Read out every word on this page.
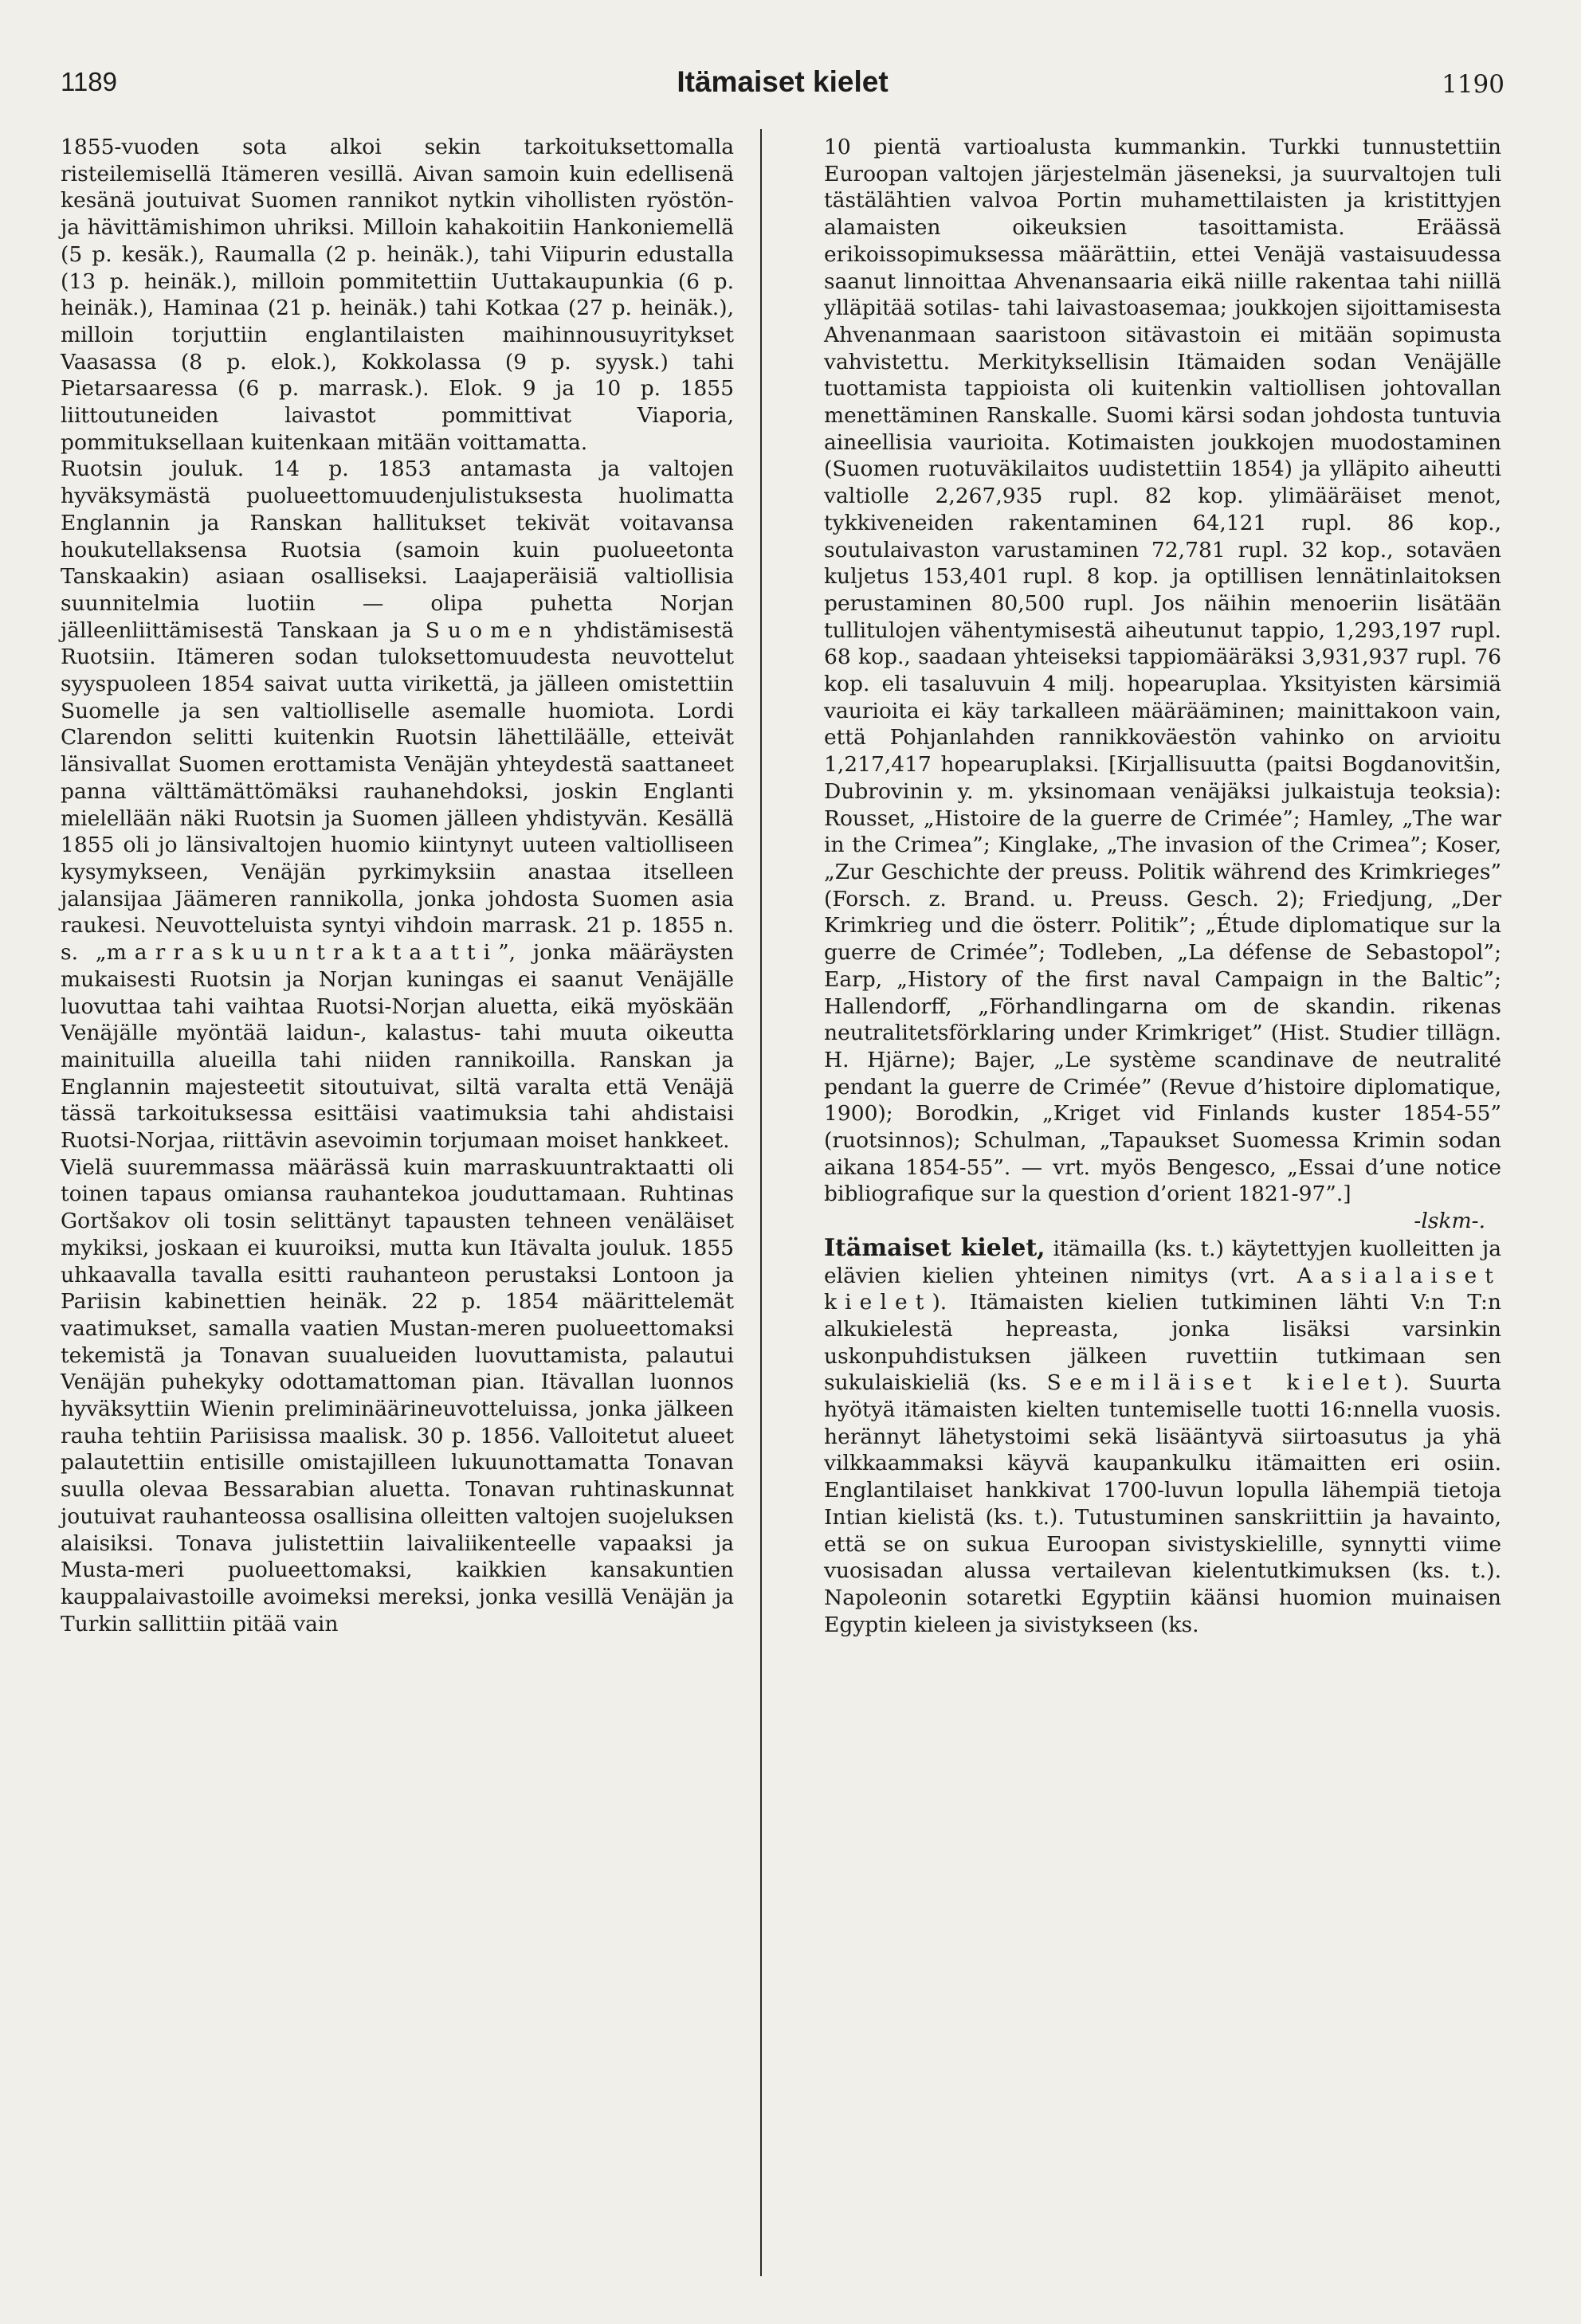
1189	Itämaiset kielet	1190

1855-vuoden sota alkoi sekin tarkoituksettomalla risteilemisellä Itämeren vesillä. Aivan samoin kuin edellisenä kesänä joutuivat Suomen rannikot nytkin vihollisten ryöstön- ja hävittämishimon uhriksi. Milloin kahakoitiin Hankoniemellä (5 p. kesäk.), Raumalla (2 p. heinäk.), tahi Viipurin edustalla (13 p. heinäk.), milloin pommitettiin Uuttakaupunkia (6 p. heinäk.), Haminaa (21 p. heinäk.) tahi Kotkaa (27 p. heinäk.), milloin torjuttiin englantilaisten maihinnousuyritykset Vaasassa (8 p. elok.), Kokkolassa (9 p. syysk.) tahi Pietarsaaressa (6 p. marrask.). Elok. 9 ja 10 p. 1855 liittoutuneiden laivastot pommittivat Viaporia, pommituksellaan kuitenkaan mitään voittamatta.

Ruotsin jouluk. 14 p. 1853 antamasta ja valtojen hyväksymästä puolueettomuudenjulistuksesta huolimatta Englannin ja Ranskan hallitukset tekivät voitavansa houkutellaksensa Ruotsia (samoin kuin puolueetonta Tanskaakin) asiaan osalliseksi. Laajaperäisiä valtiollisia suunnitelmia luotiin — olipa puhetta Norjan jälleenliittämisestä Tanskaan ja Suomen yhdistämisestä Ruotsiin. Itämeren sodan tuloksettomuudesta neuvottelut syyspuoleen 1854 saivat uutta virikettä, ja jälleen omistettiin Suomelle ja sen valtiolliselle asemalle huomiota. Lordi Clarendon selitti kuitenkin Ruotsin lähettiläälle, etteivät länsivallat Suomen erottamista Venäjän yhteydestä saattaneet panna välttämättömäksi rauhanehdoksi, joskin Englanti mielellään näki Ruotsin ja Suomen jälleen yhdistyvän. Kesällä 1855 oli jo länsivaltojen huomio kiintynyt uuteen valtiolliseen kysymykseen, Venäjän pyrkimyksiin anastaa itselleen jalansijaa Jäämeren rannikolla, jonka johdosta Suomen asia raukesi. Neuvotteluista syntyi vihdoin marrask. 21 p. 1855 n. s. „marraskuuntraktaatti”, jonka määräysten mukaisesti Ruotsin ja Norjan kuningas ei saanut Venäjälle luovuttaa tahi vaihtaa Ruotsi-Norjan aluetta, eikä myöskään Venäjälle myöntää laidun-, kalastus- tahi muuta oikeutta mainituilla alueilla tahi niiden rannikoilla. Ranskan ja Englannin majesteetit sitoutuivat, siltä varalta että Venäjä tässä tarkoituksessa esittäisi vaatimuksia tahi ahdistaisi Ruotsi-Norjaa, riittävin asevoimin torjumaan moiset hankkeet.

Vielä suuremmassa määrässä kuin marraskuuntraktaatti oli toinen tapaus omiansa rauhantekoa jouduttamaan. Ruhtinas Gortšakov oli tosin selittänyt tapausten tehneen venäläiset mykiksi, joskaan ei kuuroiksi, mutta kun Itävalta jouluk. 1855 uhkaavalla tavalla esitti rauhanteon perustaksi Lontoon ja Pariisin kabinettien heinäk. 22 p. 1854 määrittelemät vaatimukset, samalla vaatien Mustan-meren puolueettomaksi tekemistä ja Tonavan suualueiden luovuttamista, palautui Venäjän puhekyky odottamattoman pian. Itävallan luonnos hyväksyttiin Wienin preliminäärineuvotteluissa, jonka jälkeen rauha tehtiin Pariisissa maalisk. 30 p. 1856. Valloitetut alueet palautettiin entisille omistajilleen lukuunottamatta Tonavan suulla olevaa Bessarabian aluetta. Tonavan ruhtinaskunnat joutuivat rauhanteossa osallisina olleitten valtojen suojeluksen alaisiksi. Tonava julistettiin laivaliikenteelle vapaaksi ja Musta-meri puolueettomaksi, kaikkien kansakuntien kauppalaivastoille avoimeksi mereksi, jonka vesillä Venäjän ja Turkin sallittiin pitää vain

10 pientä vartioalusta kummankin. Turkki tunnustettiin Euroopan valtojen järjestelmän jäseneksi, ja suurvaltojen tuli tästälähtien valvoa Portin muhamettilaisten ja kristittyjen alamaisten oikeuksien tasoittamista. Eräässä erikoissopimuksessa määrättiin, ettei Venäjä vastaisuudessa saanut linnoittaa Ahvenansaaria eikä niille rakentaa tahi niillä ylläpitää sotilas- tahi laivastoasemaa; joukkojen sijoittamisesta Ahvenanmaan saaristoon sitävastoin ei mitään sopimusta vahvistettu. Merkityksellisin Itämaiden sodan Venäjälle tuottamista tappioista oli kuitenkin valtiollisen johtovallan menettäminen Ranskalle. Suomi kärsi sodan johdosta tuntuvia aineellisia vaurioita. Kotimaisten joukkojen muodostaminen (Suomen ruotuväkilaitos uudistettiin 1854) ja ylläpito aiheutti valtiolle 2,267,935 rupl. 82 kop. ylimääräiset menot, tykkiveneiden rakentaminen 64,121 rupl. 86 kop., soutulaivaston varustaminen 72,781 rupl. 32 kop., sotaväen kuljetus 153,401 rupl. 8 kop. ja optillisen lennätinlaitoksen perustaminen 80,500 rupl. Jos näihin menoeriin lisätään tullitulojen vähentymisestä aiheutunut tappio, 1,293,197 rupl. 68 kop., saadaan yhteiseksi tappiomääräksi 3,931,937 rupl. 76 kop. eli tasaluvuin 4 milj. hopearuplaa. Yksityisten kärsimiä vaurioita ei käy tarkalleen määrääminen; mainittakoon vain, että Pohjanlahden rannikkoväestön vahinko on arvioitu 1,217,417 hopearuplaksi. [Kirjallisuutta (paitsi Bogdanovitšin, Dubrovinin y. m. yksinomaan venäjäksi julkaistuja teoksia): Rousset, „Histoire de la guerre de Crimée”; Hamley, „The war in the Crimea”; Kinglake, „The invasion of the Crimea”; Koser, „Zur Geschichte der preuss. Politik während des Krimkrieges” (Forsch. z. Brand. u. Preuss. Gesch. 2); Friedjung, „Der Krimkrieg und die österr. Politik”; „Étude diplomatique sur la guerre de Crimée”; Todleben, „La défense de Sebastopol”; Earp, „History of the first naval Campaign in the Baltic”; Hallendorff, „Förhandlingarna om de skandin. rikenas neutralitetsförklaring under Krimkriget” (Hist. Studier tillägn. H. Hjärne); Bajer, „Le système scandinave de neutralité pendant la guerre de Crimée” (Revue d’histoire diplomatique, 1900); Borodkin, „Kriget vid Finlands kuster 1854-55” (ruotsinnos); Schulman, „Tapaukset Suomessa Krimin sodan aikana 1854-55”. — vrt. myös Bengesco, „Essai d’une notice bibliografique sur la question d’orient 1821-97”.]

-lskm-.

Itämaiset kielet, itämailla (ks. t.) käytettyjen kuolleitten ja elävien kielien yhteinen nimitys (vrt. Aasialaiset kielet). Itämaisten kielien tutkiminen lähti V:n T:n alkukielestä hepreasta, jonka lisäksi varsinkin uskonpuhdistuksen jälkeen ruvettiin tutkimaan sen sukulaiskieliä (ks. Seemiläiset kielet). Suurta hyötyä itämaisten kielten tuntemiselle tuotti 16:nnella vuosis. herännyt lähetystoimi sekä lisääntyvä siirtoasutus ja yhä vilkkaammaksi käyvä kaupankulku itämaitten eri osiin. Englantilaiset hankkivat 1700-luvun lopulla lähempiä tietoja Intian kielistä (ks. t.). Tutustuminen sanskriittiin ja havainto, että se on sukua Euroopan sivistyskielille, synnytti viime vuosisadan alussa vertailevan kielentutkimuksen (ks. t.). Napoleonin sotaretki Egyptiin käänsi huomion muinaisen Egyptin kieleen ja sivistykseen (ks.
